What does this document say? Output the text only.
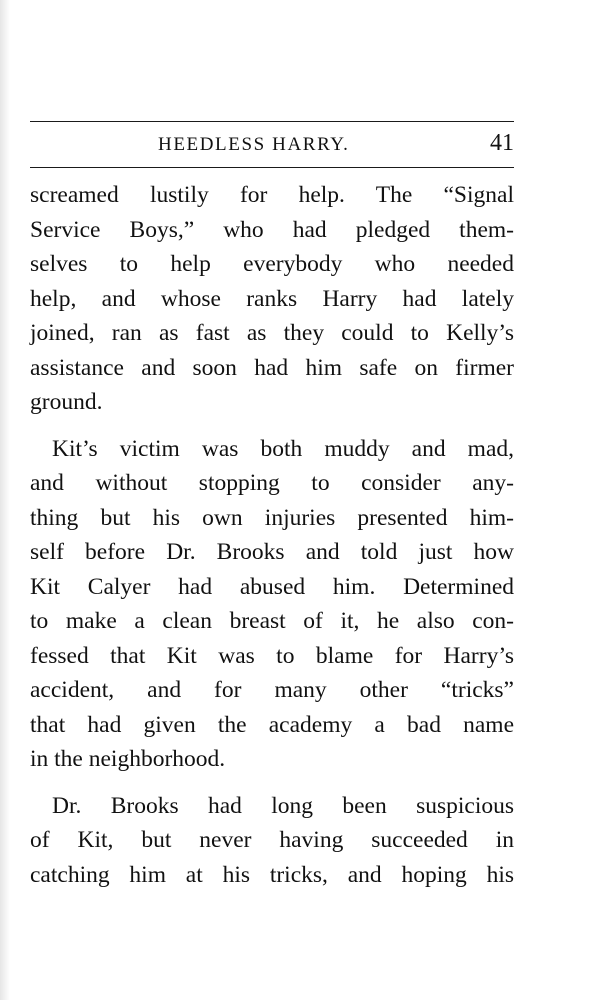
HEEDLESS HARRY.	41
screamed lustily for help. The “Signal
Service Boys,” who had pledged them-
selves to help everybody who needed
help, and whose ranks Harry had lately
joined, ran as fast as they could to Kelly’s
assistance and soon had him safe on firmer
ground.
Kit’s victim was both muddy and mad,
and without stopping to consider any-
thing but his own injuries presented him-
self before Dr. Brooks and told just how
Kit Calyer had abused him. Determined
to make a clean breast of it, he also con-
fessed that Kit was to blame for Harry’s
accident, and for many other “tricks”
that had given the academy a bad name
in the neighborhood.
Dr. Brooks had long been suspicious
of Kit, but never having succeeded in
catching him at his tricks, and hoping his
